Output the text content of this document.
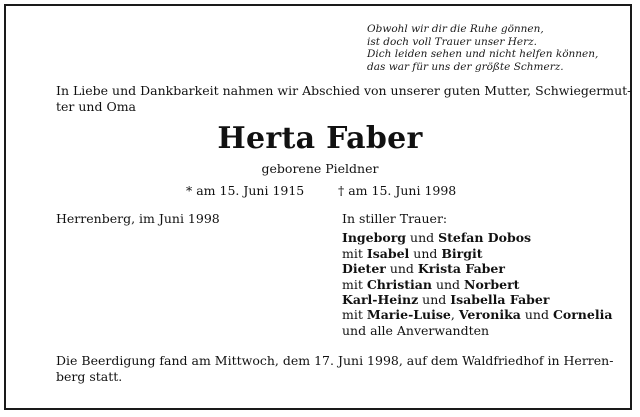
Obwohl wir dir die Ruhe gönnen,
ist doch voll Trauer unser Herz.
Dich leiden sehen und nicht helfen können,
das war für uns der größte Schmerz.
In Liebe und Dankbarkeit nahmen wir Abschied von unserer guten Mutter, Schwiegermut-
ter und Oma
Herta Faber
geborene Pieldner
* am 15. Juni 1915	† am 15. Juni 1998
Herrenberg, im Juni 1998	In stiller Trauer:
Ingeborg und Stefan Dobos
mit Isabel und Birgit
Dieter und Krista Faber
mit Christian und Norbert
Karl-Heinz und Isabella Faber
mit Marie-Luise, Veronika und Cornelia
und alle Anverwandten
Die Beerdigung fand am Mittwoch, dem 17. Juni 1998, auf dem Waldfriedhof in Herren-
berg statt.
